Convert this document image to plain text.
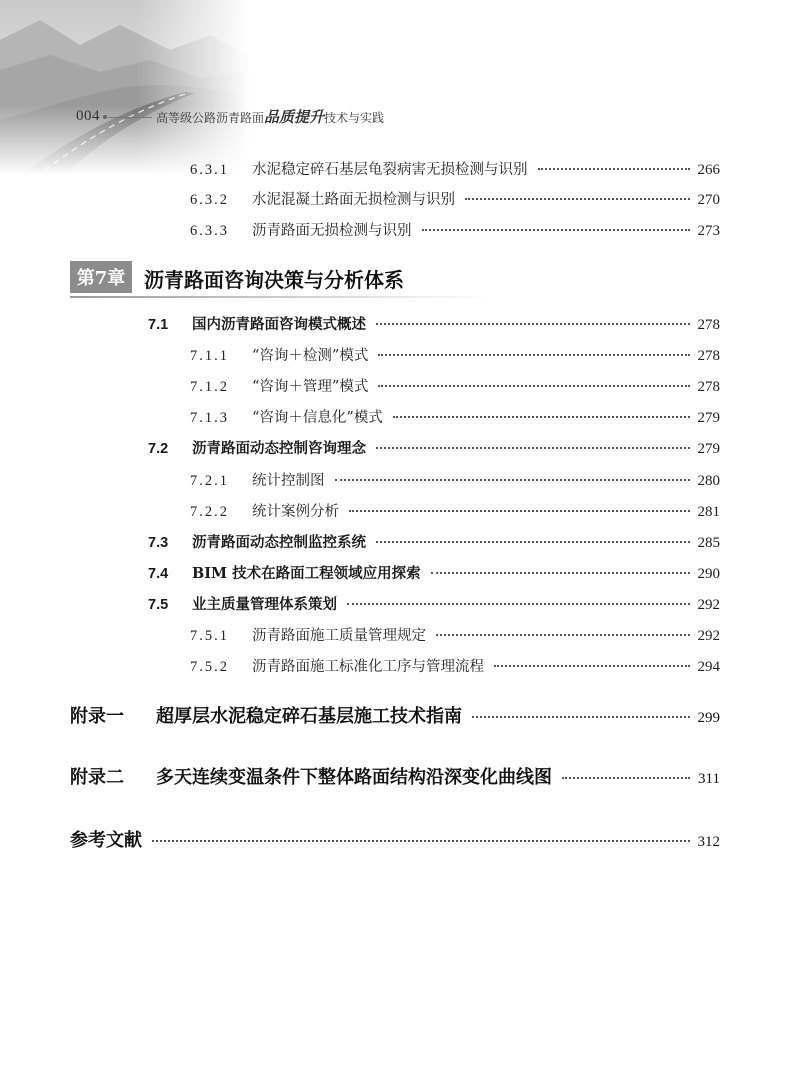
004	高等级公路沥青路面品质提升技术与实践
第7章 沥青路面咨询决策与分析体系
6.3.1	水泥稳定碎石基层龟裂病害无损检测与识别	266
6.3.2	水泥混凝土路面无损检测与识别	270
6.3.3	沥青路面无损检测与识别	273
7.1	国内沥青路面咨询模式概述	278
7.1.1	“咨询＋检测”模式	278
7.1.2	“咨询＋管理”模式	278
7.1.3	“咨询＋信息化”模式	279
7.2	沥青路面动态控制咨询理念	279
7.2.1	统计控制图	280
7.2.2	统计案例分析	281
7.3	沥青路面动态控制监控系统	285
7.4	BIM 技术在路面工程领域应用探索	290
7.5	业主质量管理体系策划	292
7.5.1	沥青路面施工质量管理规定	292
7.5.2	沥青路面施工标准化工序与管理流程	294
附录一	超厚层水泥稳定碎石基层施工技术指南	299
附录二	多天连续变温条件下整体路面结构沿深变化曲线图	311
参考文献	312
